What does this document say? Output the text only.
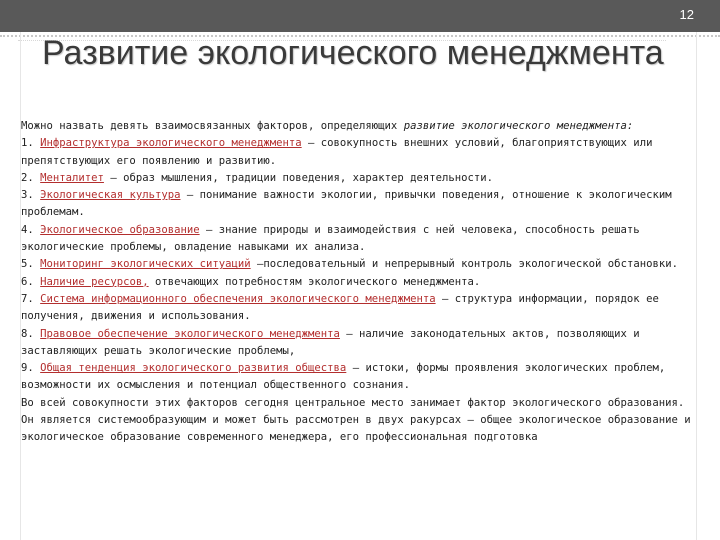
12
Развитие экологического менеджмента

Можно назвать девять взаимосвязанных факторов, определяющих развитие экологического менеджмента:

1. Инфраструктура экологического менеджмента – совокупность внешних условий, благоприятствующих или препятствующих его появлению и развитию.

2. Менталитет – образ мышления, традиции поведения, характер деятельности.

3. Экологическая культура – понимание важности экологии, привычки поведения, отношение к экологическим проблемам.

4. Экологическое образование – знание природы и взаимодействия с ней человека, способность решать экологические проблемы, овладение навыками их анализа.

5. Мониторинг экологических ситуаций –последовательный и непрерывный контроль экологической обстановки.

6. Наличие ресурсов, отвечающих потребностям экологического менеджмента.

7. Система информационного обеспечения экологического менеджмента – структура информации, порядок ее получения, движения и использования.

8. Правовое обеспечение экологического менеджмента – наличие законодательных актов, позволяющих и заставляющих решать экологические проблемы,

9. Общая тенденция экологического развития общества – истоки, формы проявления экологических проблем, возможности их осмысления и потенциал общественного сознания.

Во всей совокупности этих факторов сегодня центральное место занимает фактор экологического образования. Он является системообразующим и может быть рассмотрен в двух ракурсах – общее экологическое образование и экологическое образование современного менеджера, его профессиональная подготовка
